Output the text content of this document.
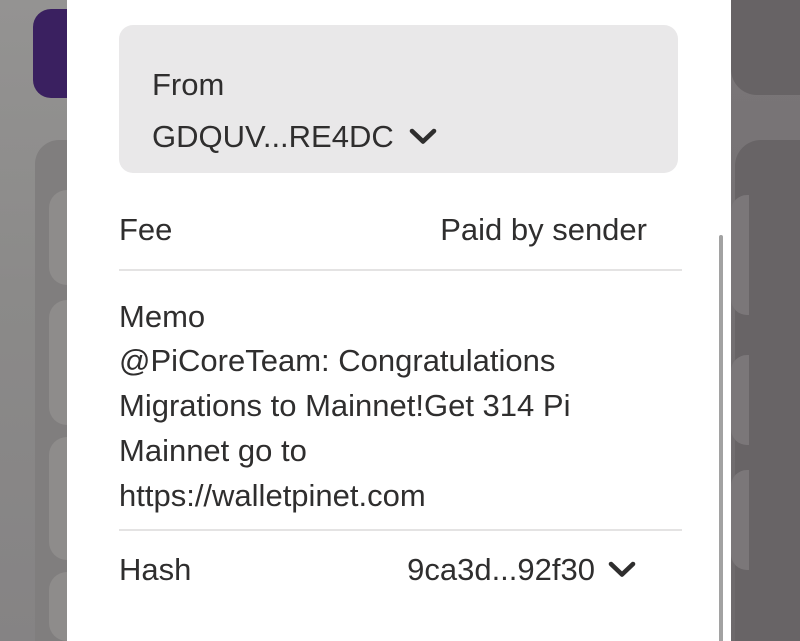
From
GDQUV...RE4DC
Fee	Paid by sender
Memo
@PiCoreTeam: Congratulations
Migrations to Mainnet!Get 314 Pi
Mainnet go to
https://walletpinet.com
Hash	9ca3d...92f30
